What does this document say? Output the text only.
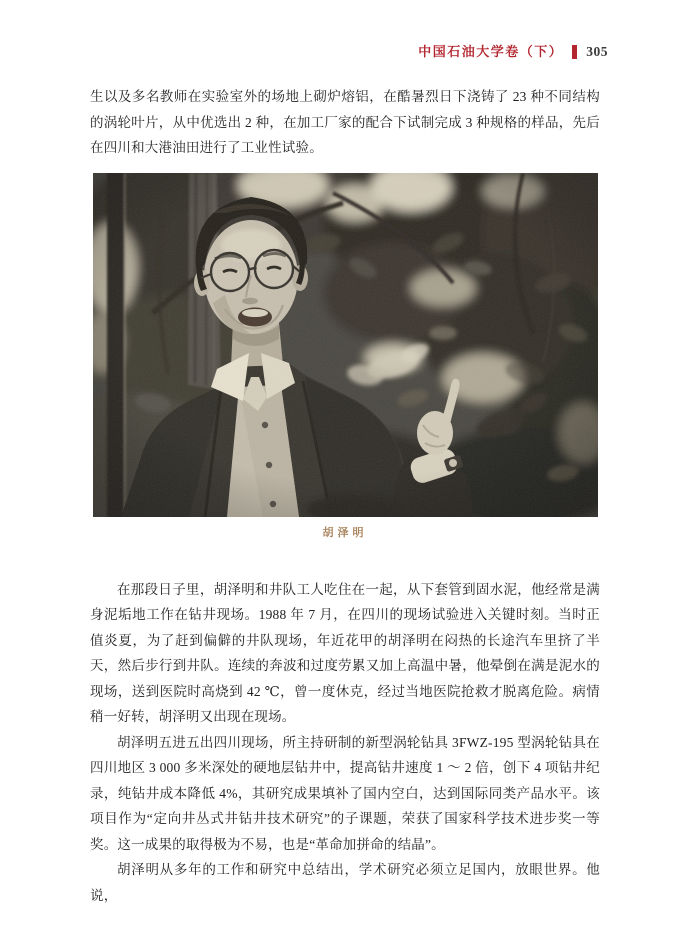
中国石油大学卷（下） 305

生以及多名教师在实验室外的场地上砌炉熔铝，在酷暑烈日下浇铸了 23 种不同结构的涡轮叶片，从中优选出 2 种，在加工厂家的配合下试制完成 3 种规格的样品，先后在四川和大港油田进行了工业性试验。

胡泽明

在那段日子里，胡泽明和井队工人吃住在一起，从下套管到固水泥，他经常是满身泥垢地工作在钻井现场。1988 年 7 月，在四川的现场试验进入关键时刻。当时正值炎夏，为了赶到偏僻的井队现场，年近花甲的胡泽明在闷热的长途汽车里挤了半天，然后步行到井队。连续的奔波和过度劳累又加上高温中暑，他晕倒在满是泥水的现场，送到医院时高烧到 42 ℃，曾一度休克，经过当地医院抢救才脱离危险。病情稍一好转，胡泽明又出现在现场。

胡泽明五进五出四川现场，所主持研制的新型涡轮钻具 3FWZ-195 型涡轮钻具在四川地区 3 000 多米深处的硬地层钻井中，提高钻井速度 1 ～ 2 倍，创下 4 项钻井纪录，纯钻井成本降低 4%，其研究成果填补了国内空白，达到国际同类产品水平。该项目作为“定向井丛式井钻井技术研究”的子课题，荣获了国家科学技术进步奖一等奖。这一成果的取得极为不易，也是“革命加拼命的结晶”。

胡泽明从多年的工作和研究中总结出，学术研究必须立足国内，放眼世界。他说，
